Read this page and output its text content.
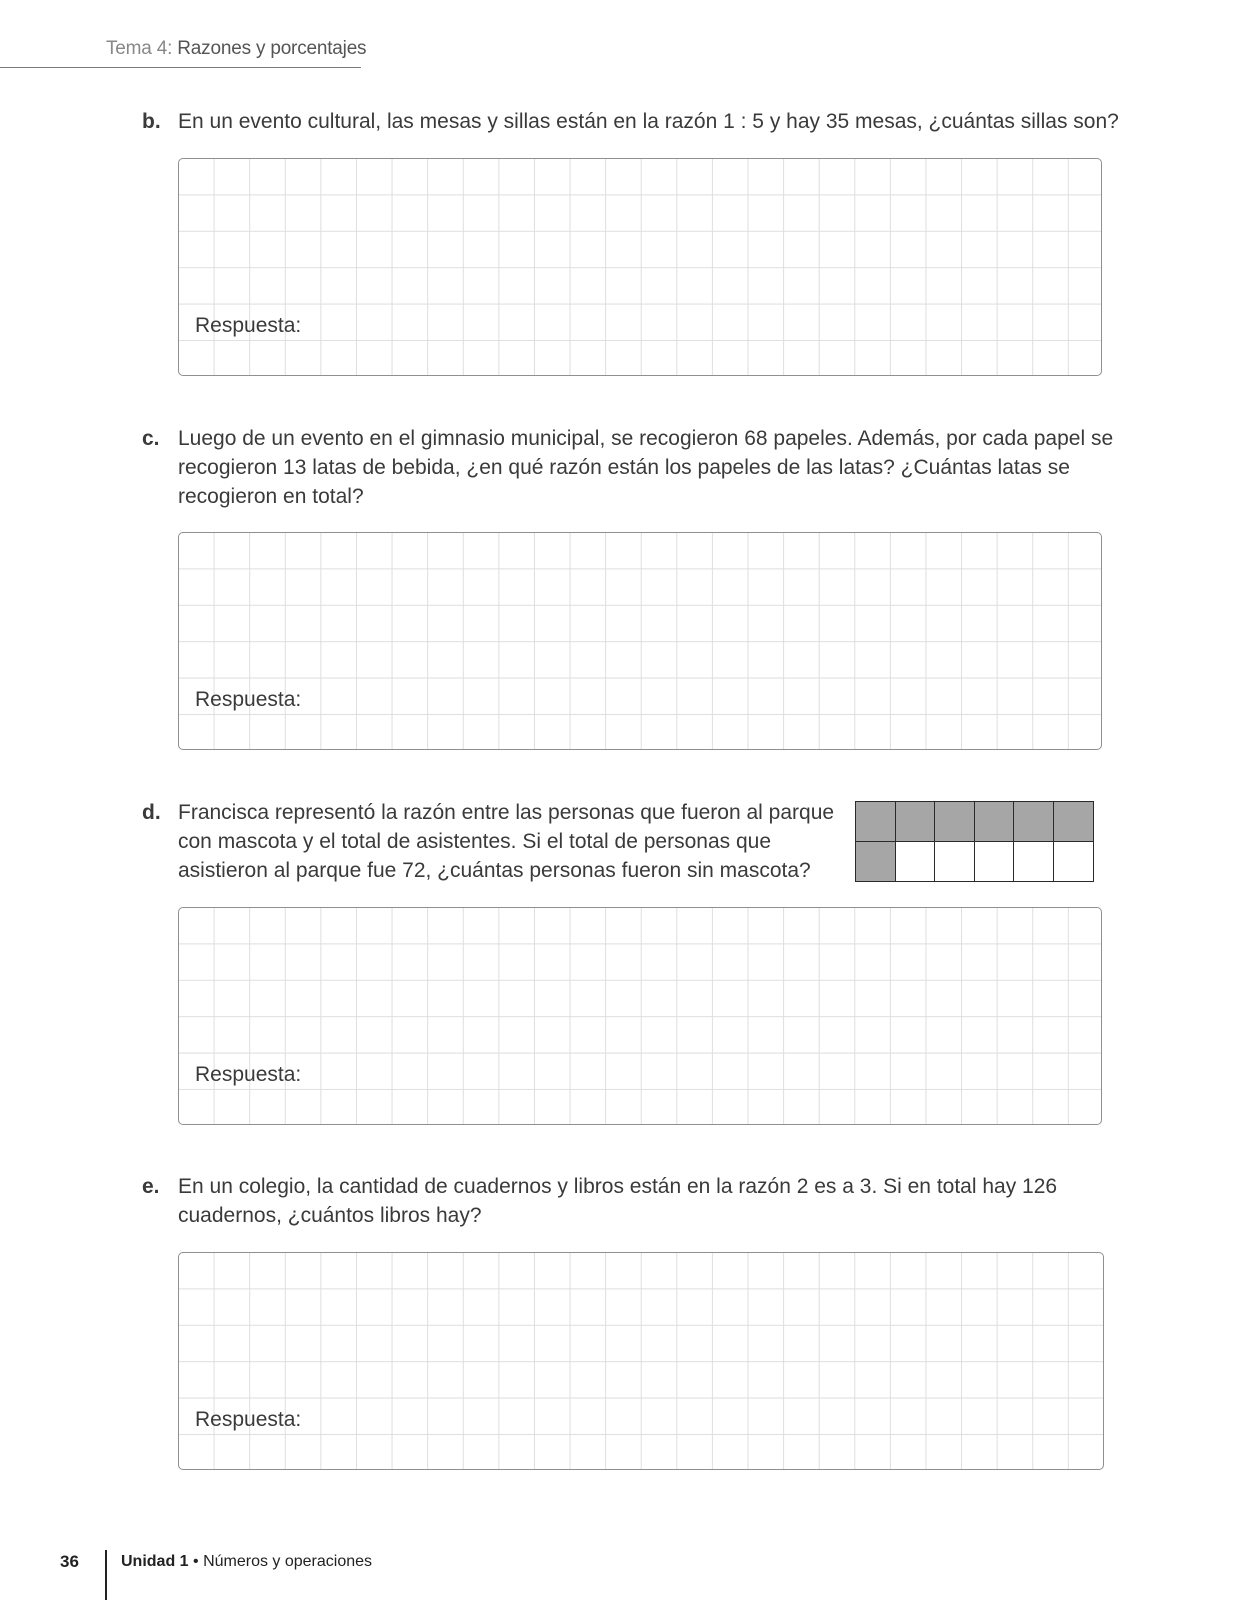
Tema 4: Razones y porcentajes
b. En un evento cultural, las mesas y sillas están en la razón 1 : 5 y hay 35 mesas, ¿cuántas sillas son?

Respuesta:
c. Luego de un evento en el gimnasio municipal, se recogieron 68 papeles. Además, por cada papel se recogieron 13 latas de bebida, ¿en qué razón están los papeles de las latas? ¿Cuántas latas se recogieron en total?

Respuesta:
d. Francisca representó la razón entre las personas que fueron al parque con mascota y el total de asistentes. Si el total de personas que asistieron al parque fue 72, ¿cuántas personas fueron sin mascota?

Respuesta:
e. En un colegio, la cantidad de cuadernos y libros están en la razón 2 es a 3. Si en total hay 126 cuadernos, ¿cuántos libros hay?

Respuesta:
36	Unidad 1 • Números y operaciones
